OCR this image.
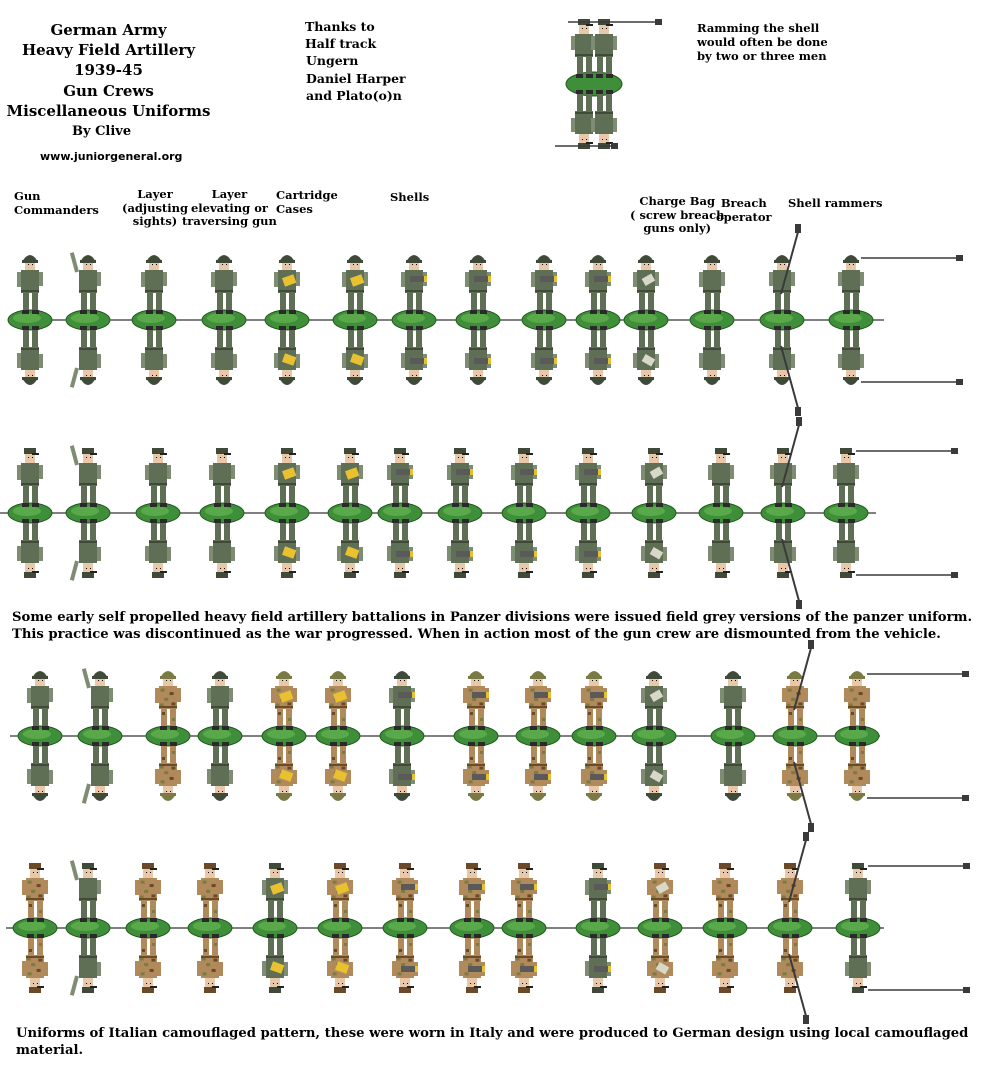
German Army
Heavy Field Artillery
1939-45
Gun Crews
Miscellaneous Uniforms
By Clive
www.juniorgeneral.org
Thanks to
Half track
Ungern
Daniel Harper
and Plato(o)n
Ramming the shell
would often be done
by two or three men
Gun
Commanders
Layer
(adjusting
sights)
Layer
elevating or
traversing gun
Cartridge
Cases
Shells	Charge Bag
( screw breach
guns only)
Breach
operator
Shell rammers
Some early self propelled heavy field artillery battalions in Panzer divisions were issued field grey versions of the panzer uniform.
This practice was discontinued as the war progressed. When in action most of the gun crew are dismounted from the vehicle.
Uniforms of Italian camouflaged pattern, these were worn in Italy and were produced to German design using local camouflaged
material.
